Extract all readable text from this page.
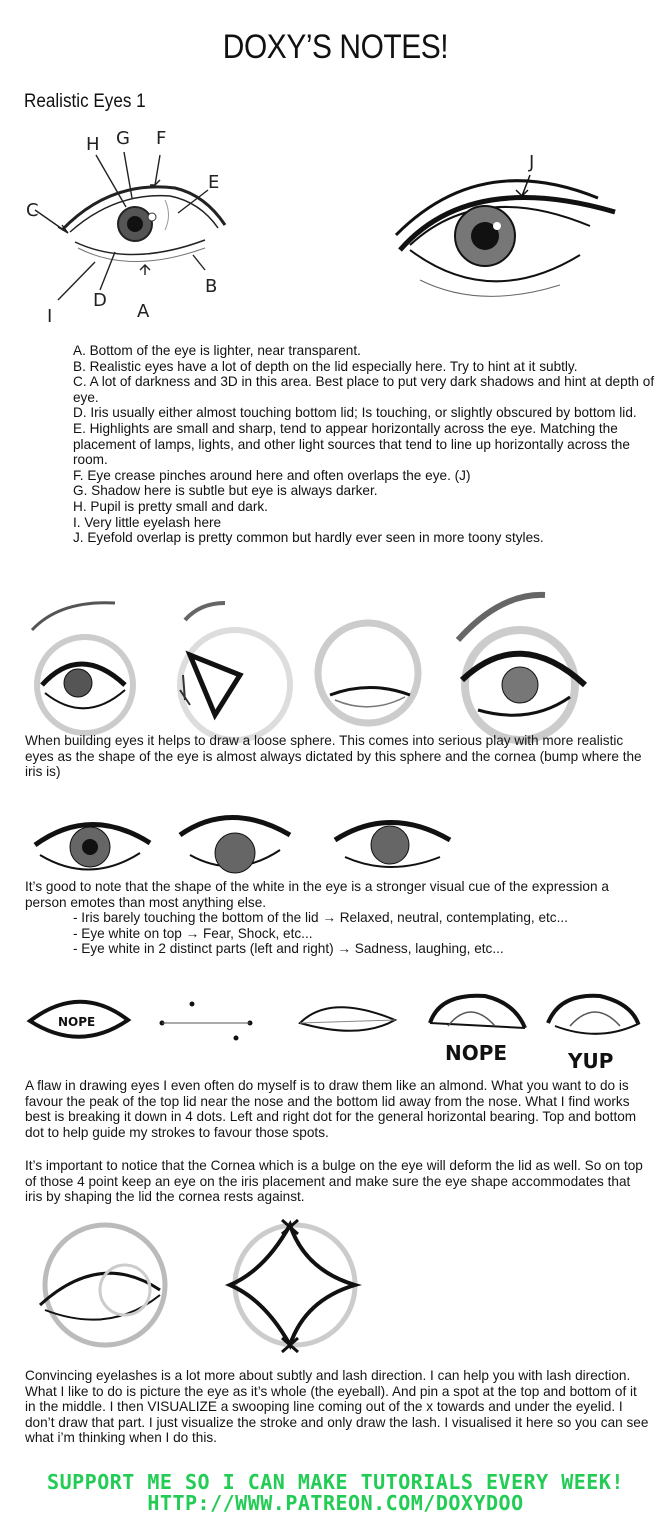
DOXY’S NOTES!
Realistic Eyes 1
H G F
E
C
B
A
D
I
J
A. Bottom of the eye is lighter, near transparent.
B. Realistic eyes have a lot of depth on the lid especially here. Try to hint at it subtly.
C. A lot of darkness and 3D in this area. Best place to put very dark shadows and hint at depth of eye.
D. Iris usually either almost touching bottom lid; Is touching, or slightly obscured by bottom lid.
E. Highlights are small and sharp, tend to appear horizontally across the eye. Matching the placement of lamps, lights, and other light sources that tend to line up horizontally across the room.
F. Eye crease pinches around here and often overlaps the eye. (J)
G. Shadow here is subtle but eye is always darker.
H. Pupil is pretty small and dark.
I. Very little eyelash here
J. Eyefold overlap is pretty common but hardly ever seen in more toony styles.

When building eyes it helps to draw a loose sphere. This comes into serious play with more realistic eyes as the shape of the eye is almost always dictated by this sphere and the cornea (bump where the iris is)

It’s good to note that the shape of the white in the eye is a stronger visual cue of the expression a person emotes than most anything else.

- Iris barely touching the bottom of the lid → Relaxed, neutral, contemplating, etc...
- Eye white on top → Fear, Shock, etc...
- Eye white in 2 distinct parts (left and right) → Sadness, laughing, etc...
NOPE
NOPE	YUP

A flaw in drawing eyes I even often do myself is to draw them like an almond. What you want to do is favour the peak of the top lid near the nose and the bottom lid away from the nose. What I find works best is breaking it down in 4 dots. Left and right dot for the general horizontal bearing. Top and bottom dot to help guide my strokes to favour those spots.

It’s important to notice that the Cornea which is a bulge on the eye will deform the lid as well. So on top of those 4 point keep an eye on the iris placement and make sure the eye shape accommodates that iris by shaping the lid the cornea rests against.

Convincing eyelashes is a lot more about subtly and lash direction. I can help you with lash direction. What I like to do is picture the eye as it’s whole (the eyeball). And pin a spot at the top and bottom of it in the middle. I then VISUALIZE a swooping line coming out of the x towards and under the eyelid. I don’t draw that part. I just visualize the stroke and only draw the lash. I visualised it here so you can see what i’m thinking when I do this.

SUPPORT ME SO I CAN MAKE TUTORIALS EVERY WEEK!
HTTP://WWW.PATREON.COM/DOXYDOO
